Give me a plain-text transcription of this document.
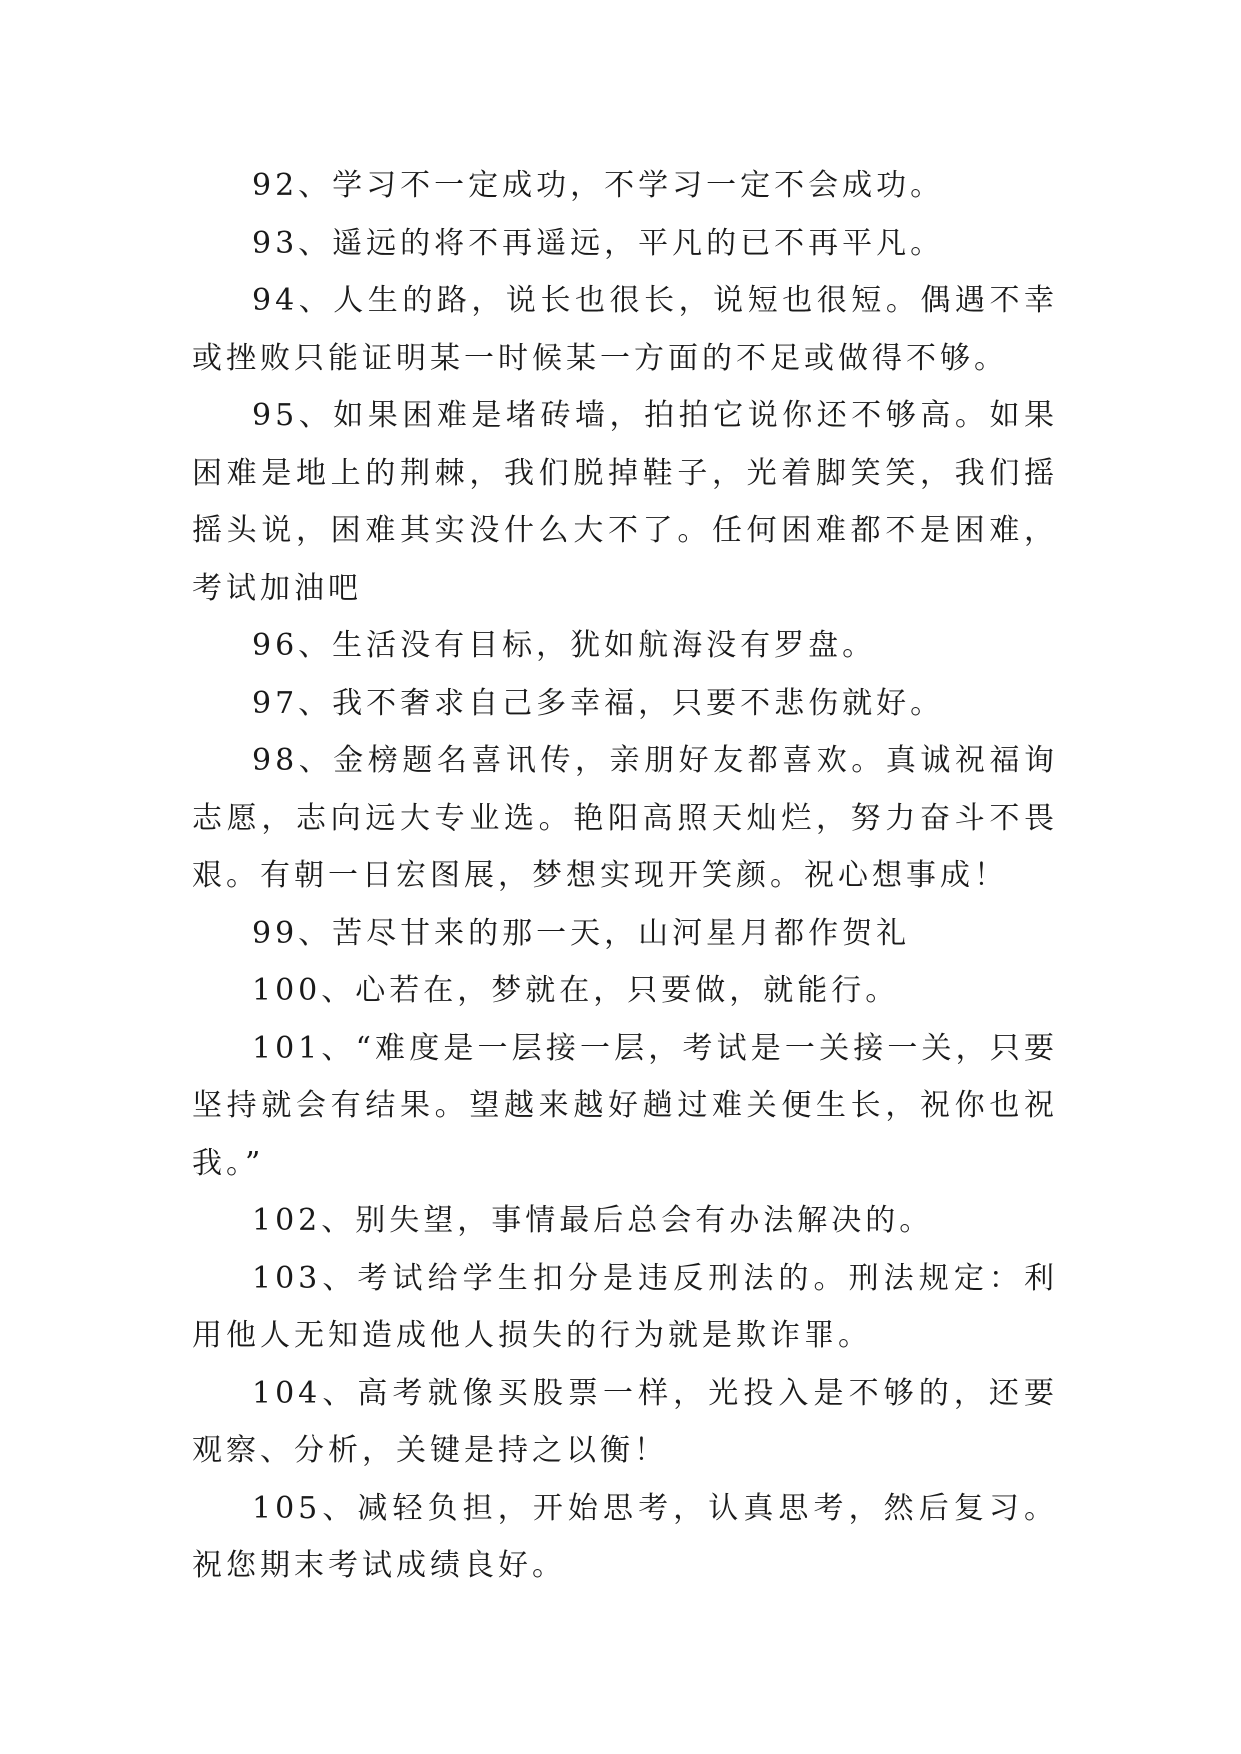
92、学习不一定成功，不学习一定不会成功。

93、遥远的将不再遥远，平凡的已不再平凡。

94、人生的路，说长也很长，说短也很短。偶遇不幸或挫败只能证明某一时候某一方面的不足或做得不够。

95、如果困难是堵砖墙，拍拍它说你还不够高。如果困难是地上的荆棘，我们脱掉鞋子，光着脚笑笑，我们摇摇头说，困难其实没什么大不了。任何困难都不是困难，考试加油吧

96、生活没有目标，犹如航海没有罗盘。

97、我不奢求自己多幸福，只要不悲伤就好。

98、金榜题名喜讯传，亲朋好友都喜欢。真诚祝福询志愿，志向远大专业选。艳阳高照天灿烂，努力奋斗不畏艰。有朝一日宏图展，梦想实现开笑颜。祝心想事成！

99、苦尽甘来的那一天，山河星月都作贺礼

100、心若在，梦就在，只要做，就能行。

101、“难度是一层接一层，考试是一关接一关，只要坚持就会有结果。望越来越好趟过难关便生长，祝你也祝我。”

102、别失望，事情最后总会有办法解决的。

103、考试给学生扣分是违反刑法的。刑法规定：利用他人无知造成他人损失的行为就是欺诈罪。

104、高考就像买股票一样，光投入是不够的，还要观察、分析，关键是持之以衡！

105、减轻负担，开始思考，认真思考，然后复习。祝您期末考试成绩良好。
